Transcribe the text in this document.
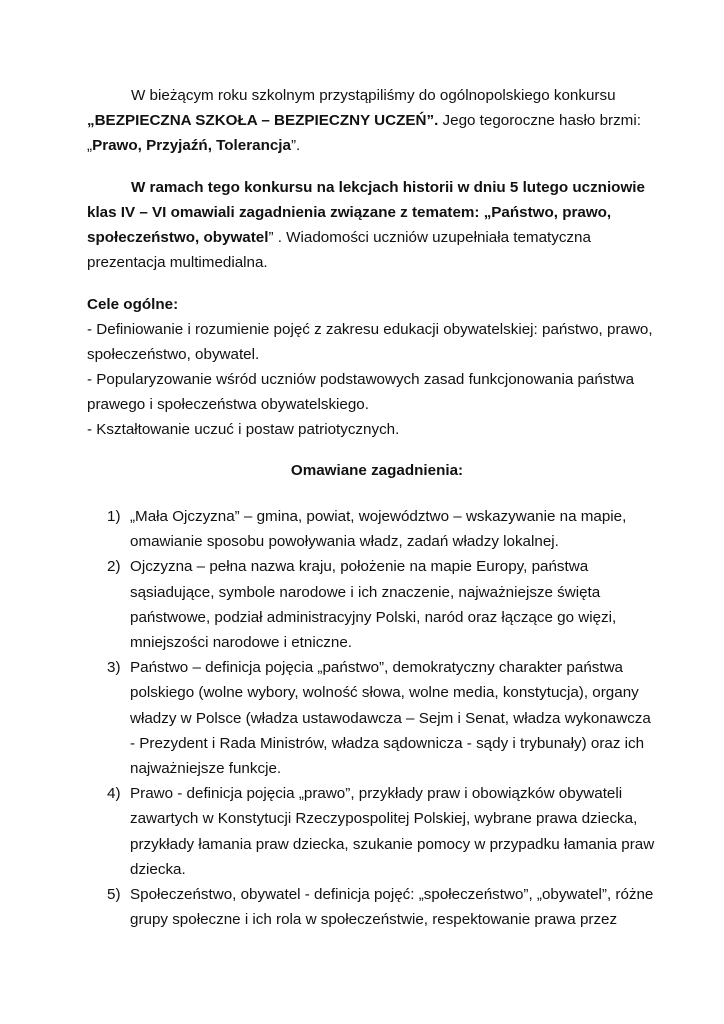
W bieżącym roku szkolnym przystąpiliśmy do ogólnopolskiego konkursu
„BEZPIECZNA SZKOŁA – BEZPIECZNY UCZEŃ”. Jego tegoroczne hasło brzmi:
„Prawo, Przyjaźń, Tolerancja”.
W ramach tego konkursu na lekcjach historii w dniu 5 lutego uczniowie
klas IV – VI omawiali zagadnienia związane z tematem: „Państwo, prawo,
społeczeństwo, obywatel” . Wiadomości uczniów uzupełniała tematyczna
prezentacja multimedialna.
Cele ogólne:
- Definiowanie i rozumienie pojęć z zakresu edukacji obywatelskiej: państwo, prawo,
społeczeństwo, obywatel.
- Popularyzowanie wśród uczniów podstawowych zasad funkcjonowania państwa
prawego i społeczeństwa obywatelskiego.
- Kształtowanie uczuć i postaw patriotycznych.
Omawiane zagadnienia:
1) „Mała Ojczyzna” – gmina, powiat, województwo – wskazywanie na mapie,
omawianie sposobu powoływania władz, zadań władzy lokalnej.
2) Ojczyzna – pełna nazwa kraju, położenie na mapie Europy, państwa
sąsiadujące, symbole narodowe i ich znaczenie, najważniejsze święta
państwowe, podział administracyjny Polski, naród oraz łączące go więzi,
mniejszości narodowe i etniczne.
3) Państwo – definicja pojęcia „państwo”, demokratyczny charakter państwa
polskiego (wolne wybory, wolność słowa, wolne media, konstytucja), organy
władzy w Polsce (władza ustawodawcza – Sejm i Senat, władza wykonawcza
- Prezydent i Rada Ministrów, władza sądownicza - sądy i trybunały) oraz ich
najważniejsze funkcje.
4) Prawo - definicja pojęcia „prawo”, przykłady praw i obowiązków obywateli
zawartych w Konstytucji Rzeczypospolitej Polskiej, wybrane prawa dziecka,
przykłady łamania praw dziecka, szukanie pomocy w przypadku łamania praw
dziecka.
5) Społeczeństwo, obywatel - definicja pojęć: „społeczeństwo”, „obywatel”, różne
grupy społeczne i ich rola w społeczeństwie, respektowanie prawa przez
